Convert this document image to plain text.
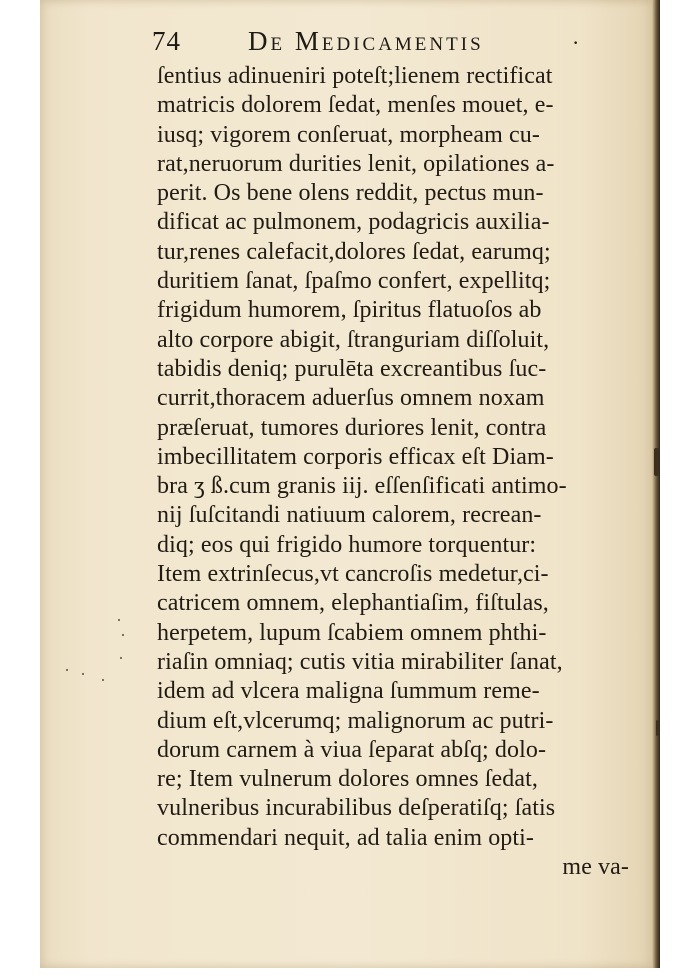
74 De Medicamentis	·
ſentius adinueniri poteſt;lienem rectificat
matricis dolorem ſedat, menſes mouet, e-
iusq; vigorem conſeruat, morpheam cu-
rat,neruorum durities lenit, opilationes a-
perit. Os bene olens reddit, pectus mun-
dificat ac pulmonem, podagricis auxilia-
tur,renes calefacit,dolores ſedat, earumq;
duritiem ſanat, ſpaſmo confert, expellitq;
frigidum humorem, ſpiritus flatuoſos ab
alto corpore abigit, ſtranguriam diſſoluit,
tabidis deniq; purulēta excreantibus ſuc-
currit,thoracem aduerſus omnem noxam
præſeruat, tumores duriores lenit, contra
imbecillitatem corporis efficax eſt Diam-
bra ʒ ß.cum granis iij. eſſenſificati antimo-
nij ſuſcitandi natiuum calorem, recrean-
diq; eos qui frigido humore torquentur:
Item extrinſecus,vt cancroſis medetur,ci-
catricem omnem, elephantiaſim, fiſtulas,
herpetem, lupum ſcabiem omnem phthi-
riaſin omniaq; cutis vitia mirabiliter ſanat,
idem ad vlcera maligna ſummum reme-
dium eſt,vlcerumq; malignorum ac putri-
dorum carnem à viua ſeparat abſq; dolo-
re; Item vulnerum dolores omnes ſedat,
vulneribus incurabilibus deſperatiſq; ſatis
commendari nequit, ad talia enim opti-
me va-
·
·
· ·
·
·
